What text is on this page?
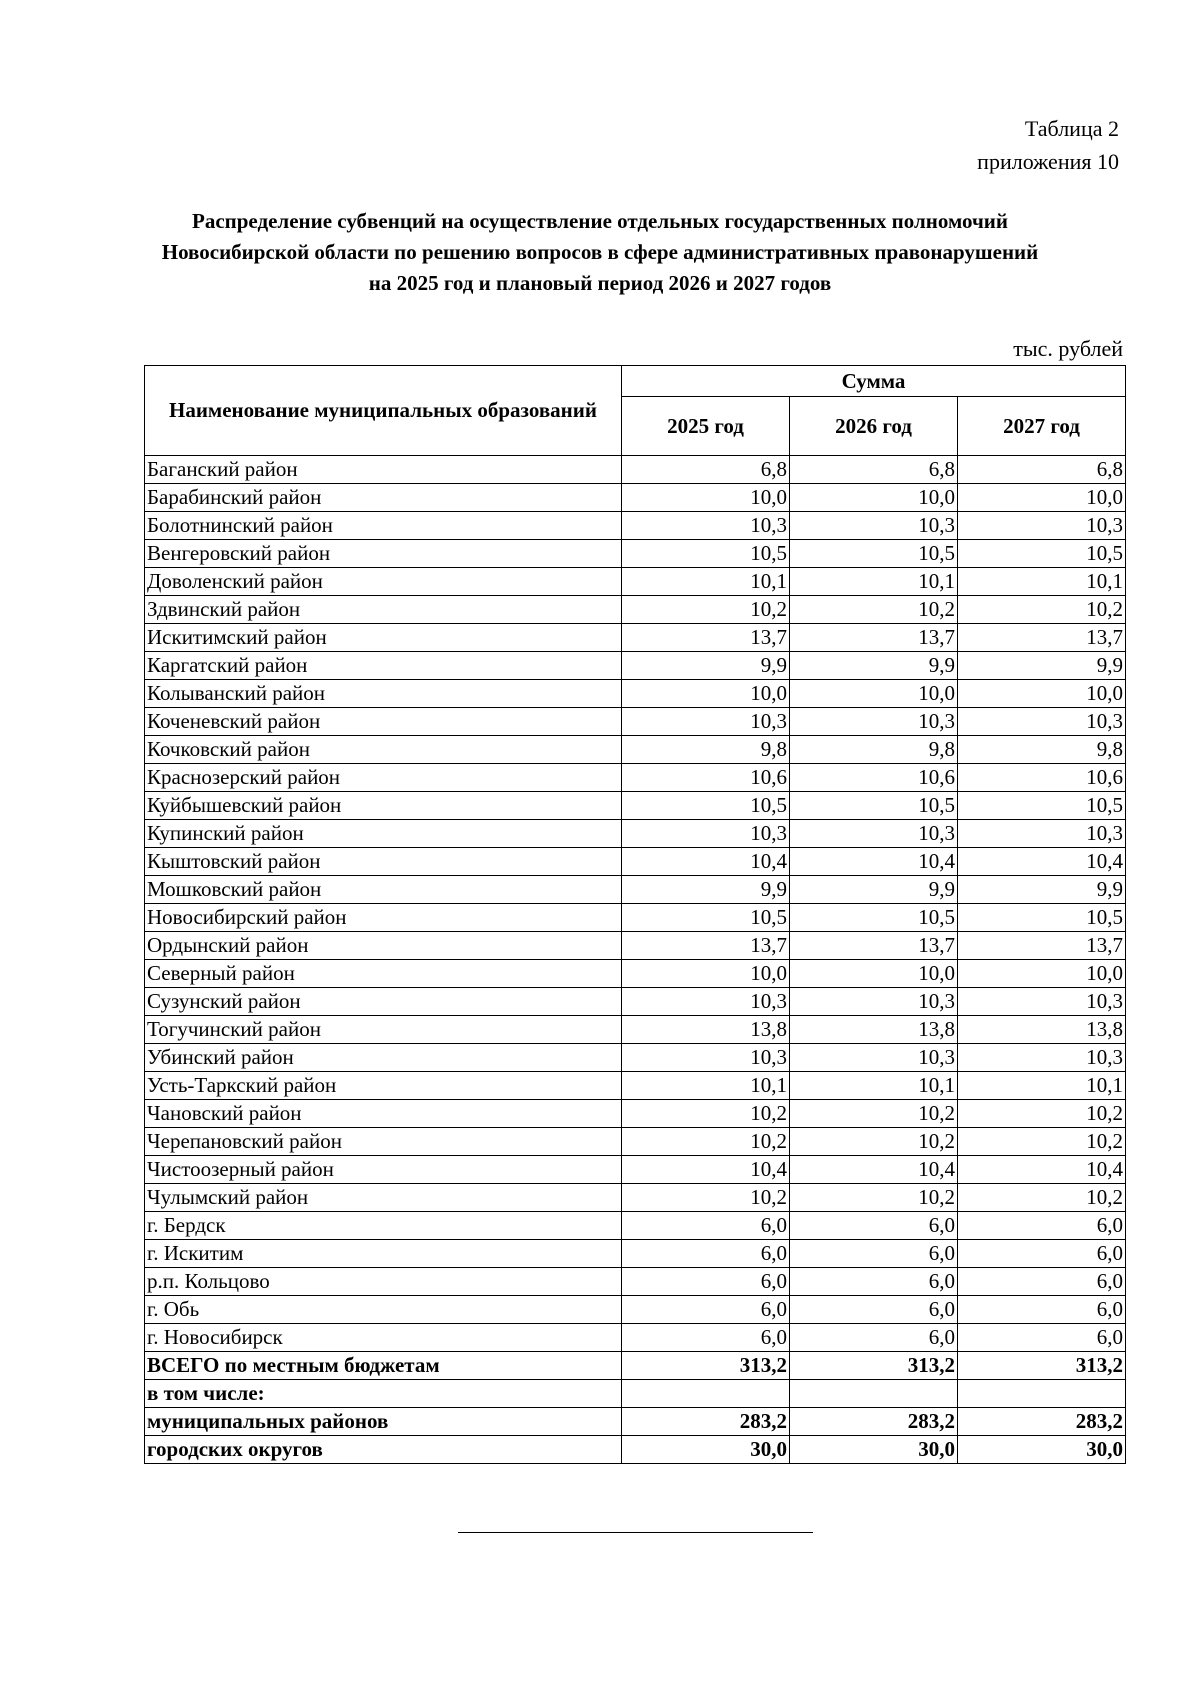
Таблица 2
приложения 10
Распределение субвенций на осуществление отдельных государственных полномочий
Новосибирской области по решению вопросов в сфере административных правонарушений
на 2025 год и плановый период 2026 и 2027 годов
тыс. рублей
Наименование муниципальных образований	Сумма		
	2025 год	2026 год	2027 год
Баганский район	6,8	6,8	6,8
Барабинский район	10,0	10,0	10,0
Болотнинский район	10,3	10,3	10,3
Венгеровский район	10,5	10,5	10,5
Доволенский район	10,1	10,1	10,1
Здвинский район	10,2	10,2	10,2
Искитимский район	13,7	13,7	13,7
Каргатский район	9,9	9,9	9,9
Колыванский район	10,0	10,0	10,0
Коченевский район	10,3	10,3	10,3
Кочковский район	9,8	9,8	9,8
Краснозерский район	10,6	10,6	10,6
Куйбышевский район	10,5	10,5	10,5
Купинский район	10,3	10,3	10,3
Кыштовский район	10,4	10,4	10,4
Мошковский район	9,9	9,9	9,9
Новосибирский район	10,5	10,5	10,5
Ордынский район	13,7	13,7	13,7
Северный район	10,0	10,0	10,0
Сузунский район	10,3	10,3	10,3
Тогучинский район	13,8	13,8	13,8
Убинский район	10,3	10,3	10,3
Усть-Таркский район	10,1	10,1	10,1
Чановский район	10,2	10,2	10,2
Черепановский район	10,2	10,2	10,2
Чистоозерный район	10,4	10,4	10,4
Чулымский район	10,2	10,2	10,2
г. Бердск	6,0	6,0	6,0
г. Искитим	6,0	6,0	6,0
р.п. Кольцово	6,0	6,0	6,0
г. Обь	6,0	6,0	6,0
г. Новосибирск	6,0	6,0	6,0
ВСЕГО по местным бюджетам	313,2	313,2	313,2
в том числе:			
муниципальных районов	283,2	283,2	283,2
городских округов	30,0	30,0	30,0
